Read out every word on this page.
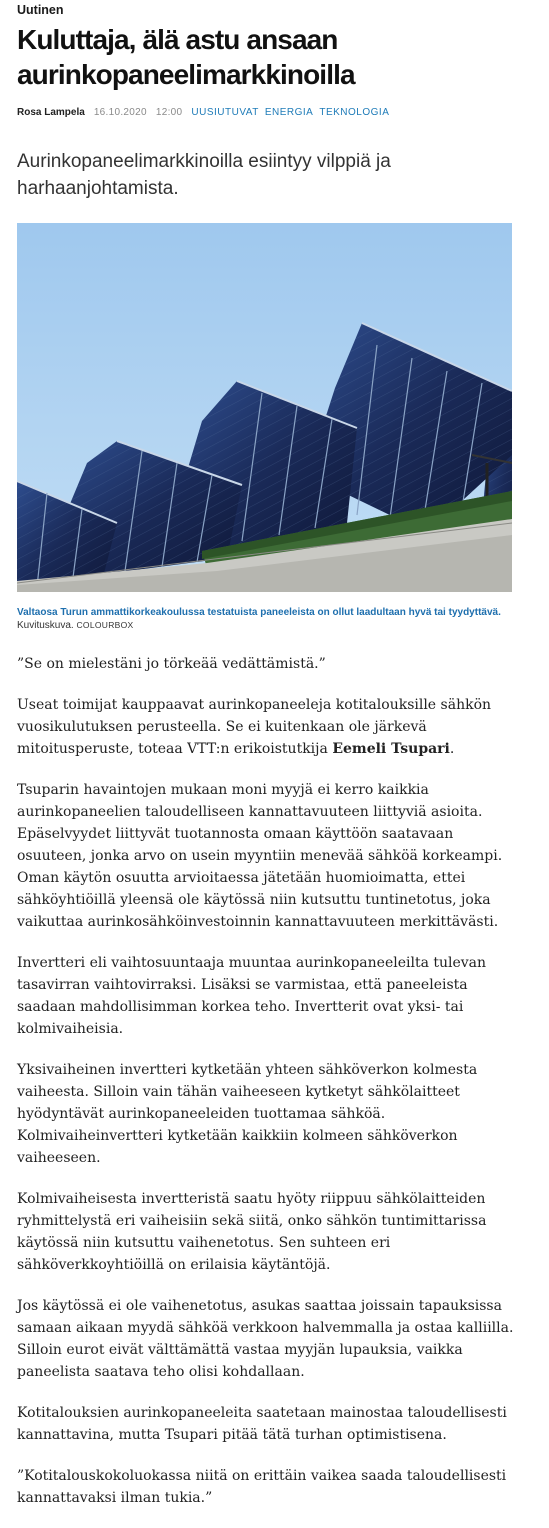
Uutinen
Kuluttaja, älä astu ansaan aurinkopaneelimarkkinoilla
Rosa Lampela 16.10.2020 12:00 UUSIUTUVAT ENERGIA TEKNOLOGIA
Aurinkopaneelimarkkinoilla esiintyy vilppiä ja harhaanjohtamista.
Valtaosa Turun ammattikorkeakoulussa testatuista paneeleista on ollut laadultaan hyvä tai tyydyttävä. Kuvituskuva. COLOURBOX

”Se on mielestäni jo törkeää vedättämistä.”

Useat toimijat kauppaavat aurinkopaneeleja kotitalouksille sähkön vuosikulutuksen perusteella. Se ei kuitenkaan ole järkevä mitoitusperuste, toteaa VTT:n erikoistutkija Eemeli Tsupari.

Tsuparin havaintojen mukaan moni myyjä ei kerro kaikkia aurinkopaneelien taloudelliseen kannattavuuteen liittyviä asioita. Epäselvyydet liittyvät tuotannosta omaan käyttöön saatavaan osuuteen, jonka arvo on usein myyntiin menevää sähköä korkeampi. Oman käytön osuutta arvioitaessa jätetään huomioimatta, ettei sähköyhtiöillä yleensä ole käytössä niin kutsuttu tuntinetotus, joka vaikuttaa aurinkosähköinvestoinnin kannattavuuteen merkittävästi.

Invertteri eli vaihtosuuntaaja muuntaa aurinkopaneeleilta tulevan tasavirran vaihtovirraksi. Lisäksi se varmistaa, että paneeleista saadaan mahdollisimman korkea teho. Invertterit ovat yksi- tai kolmivaiheisia.

Yksivaiheinen invertteri kytketään yhteen sähköverkon kolmesta vaiheesta. Silloin vain tähän vaiheeseen kytketyt sähkölaitteet hyödyntävät aurinkopaneeleiden tuottamaa sähköä. Kolmivaiheinvertteri kytketään kaikkiin kolmeen sähköverkon vaiheeseen.

Kolmivaiheisesta invertteristä saatu hyöty riippuu sähkölaitteiden ryhmittelystä eri vaiheisiin sekä siitä, onko sähkön tuntimittarissa käytössä niin kutsuttu vaihenetotus. Sen suhteen eri sähköverkkoyhtiöillä on erilaisia käytäntöjä.

Jos käytössä ei ole vaihenetotus, asukas saattaa joissain tapauksissa samaan aikaan myydä sähköä verkkoon halvemmalla ja ostaa kalliilla. Silloin eurot eivät välttämättä vastaa myyjän lupauksia, vaikka paneelista saatava teho olisi kohdallaan.

Kotitalouksien aurinkopaneeleita saatetaan mainostaa taloudellisesti kannattavina, mutta Tsupari pitää tätä turhan optimistisena.

”Kotitalouskokoluokassa niitä on erittäin vaikea saada taloudellisesti kannattavaksi ilman tukia.”
